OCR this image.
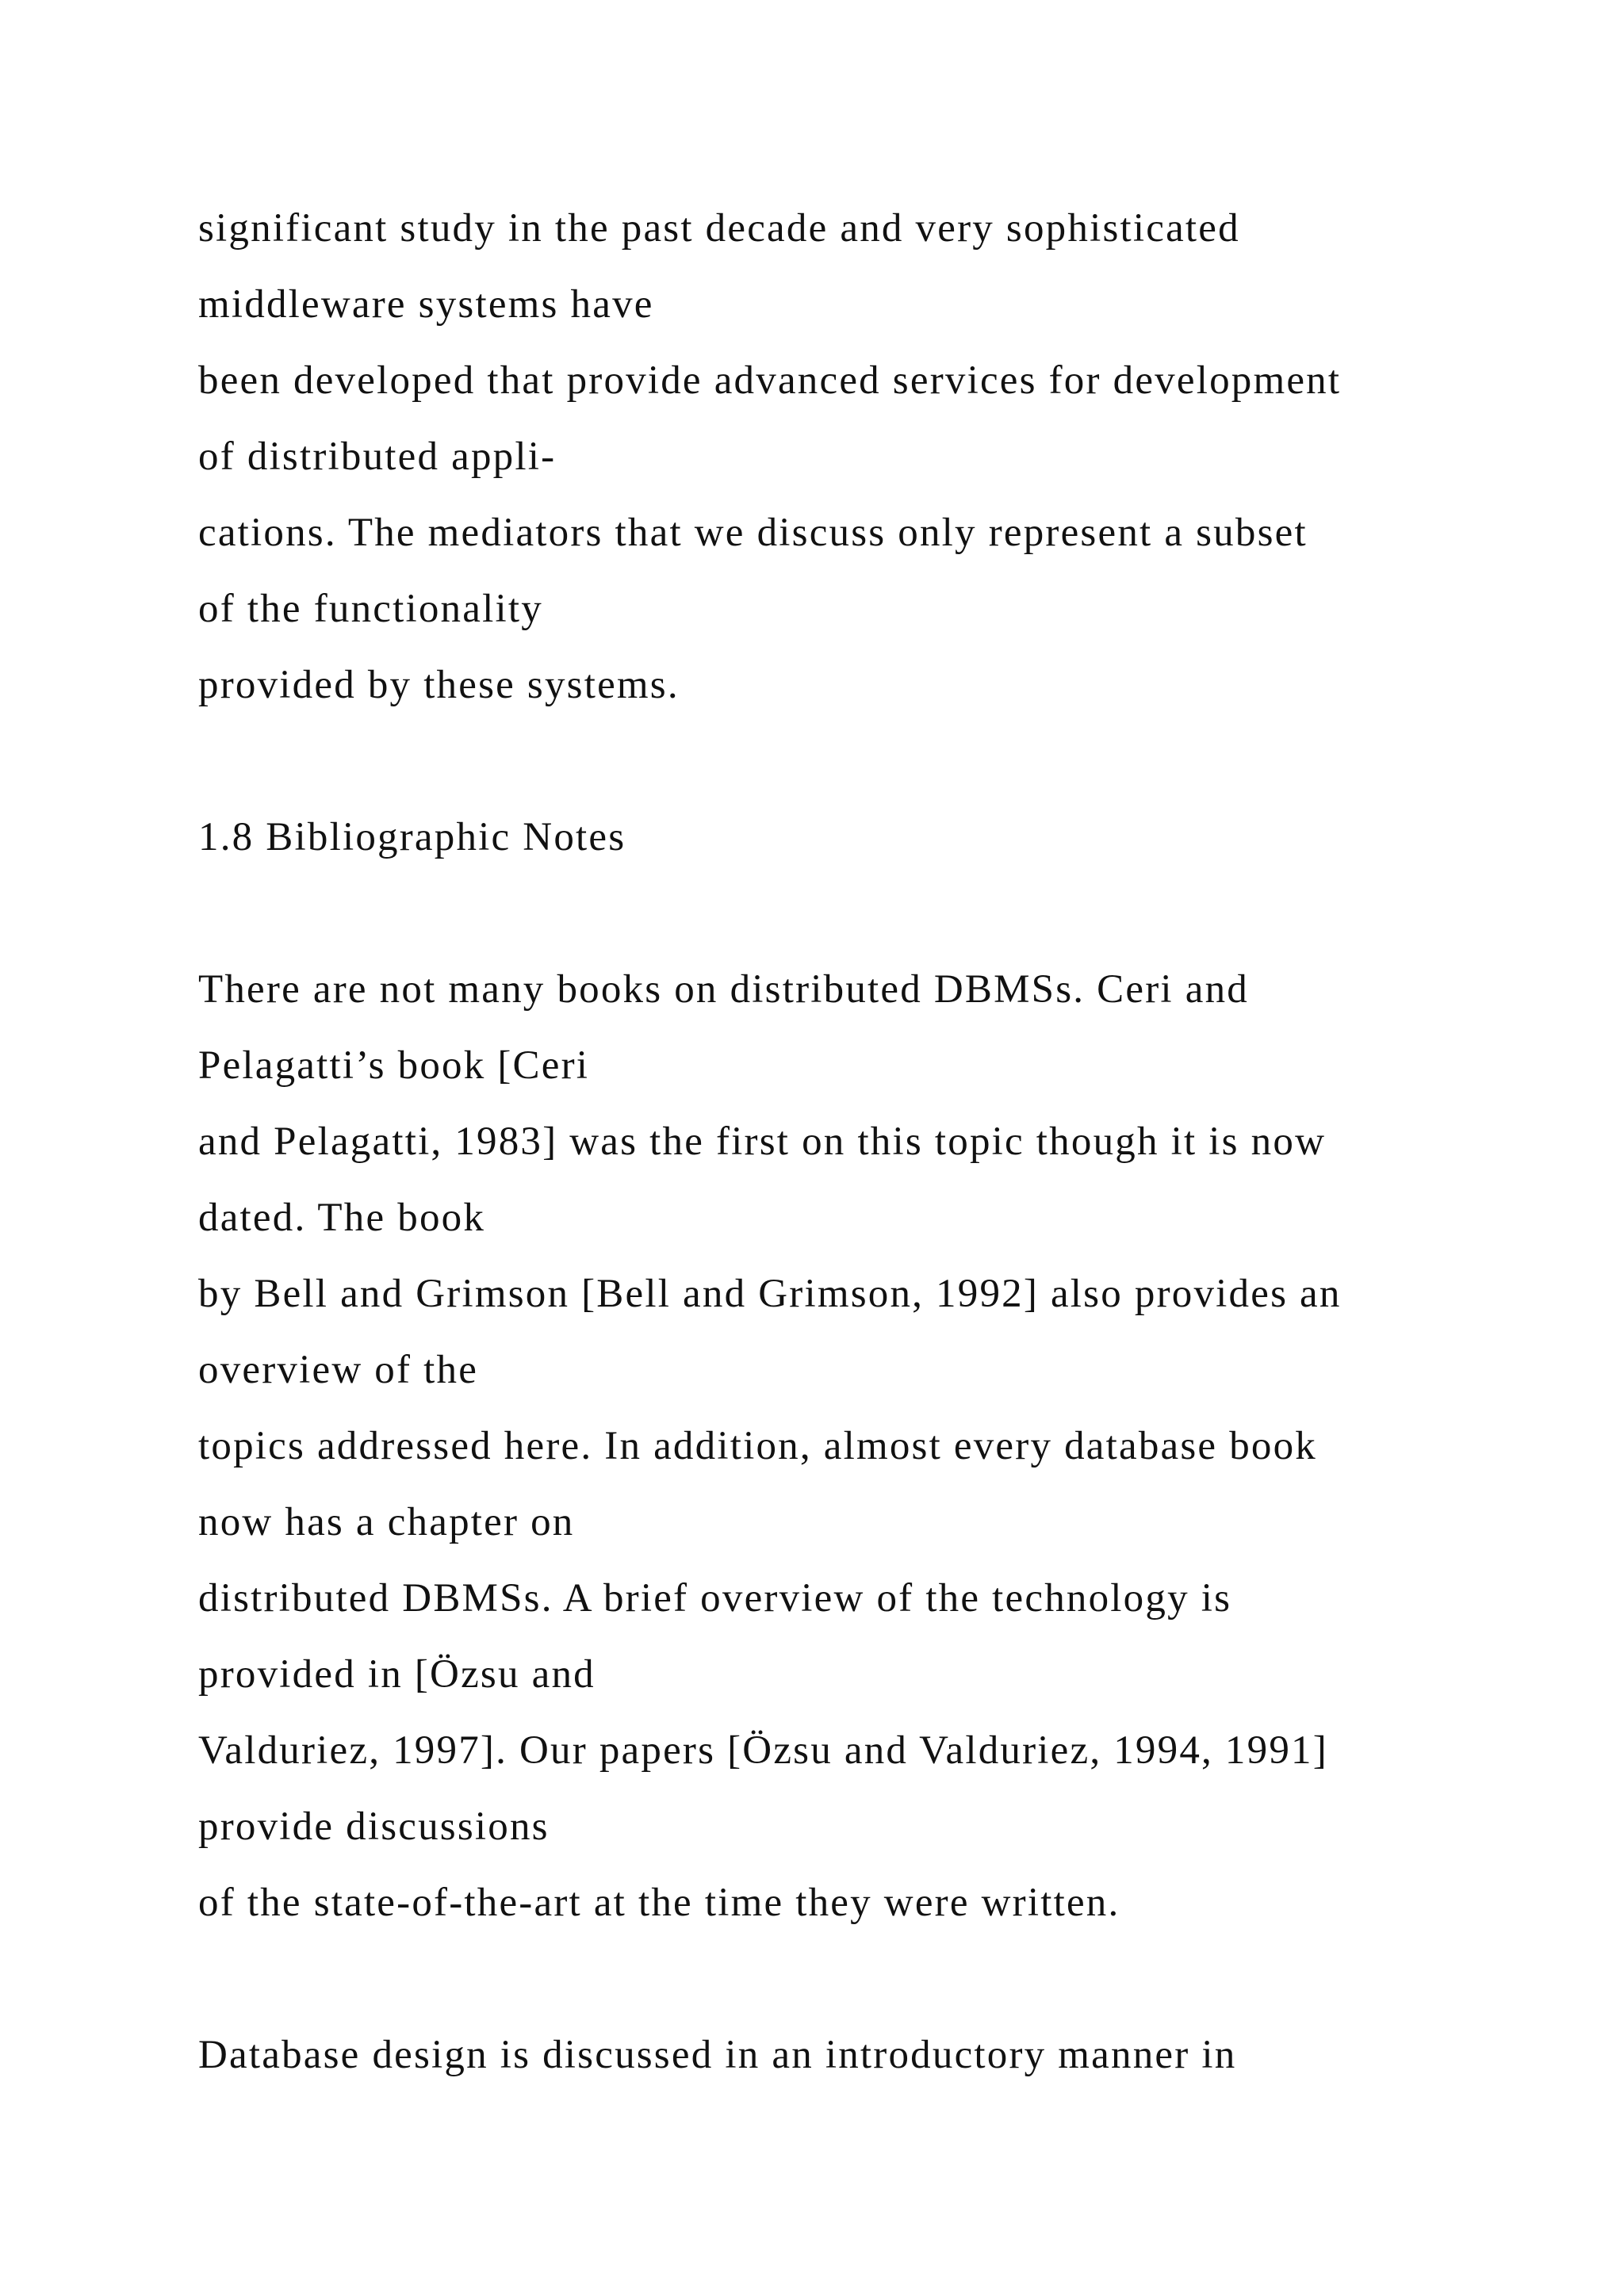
significant study in the past decade and very sophisticated
middleware systems have
been developed that provide advanced services for development
of distributed appli-
cations. The mediators that we discuss only represent a subset
of the functionality
provided by these systems.
1.8 Bibliographic Notes
There are not many books on distributed DBMSs. Ceri and
Pelagatti’s book [Ceri
and Pelagatti, 1983] was the first on this topic though it is now
dated. The book
by Bell and Grimson [Bell and Grimson, 1992] also provides an
overview of the
topics addressed here. In addition, almost every database book
now has a chapter on
distributed DBMSs. A brief overview of the technology is
provided in [Özsu and
Valduriez, 1997]. Our papers [Özsu and Valduriez, 1994, 1991]
provide discussions
of the state-of-the-art at the time they were written.
Database design is discussed in an introductory manner in
